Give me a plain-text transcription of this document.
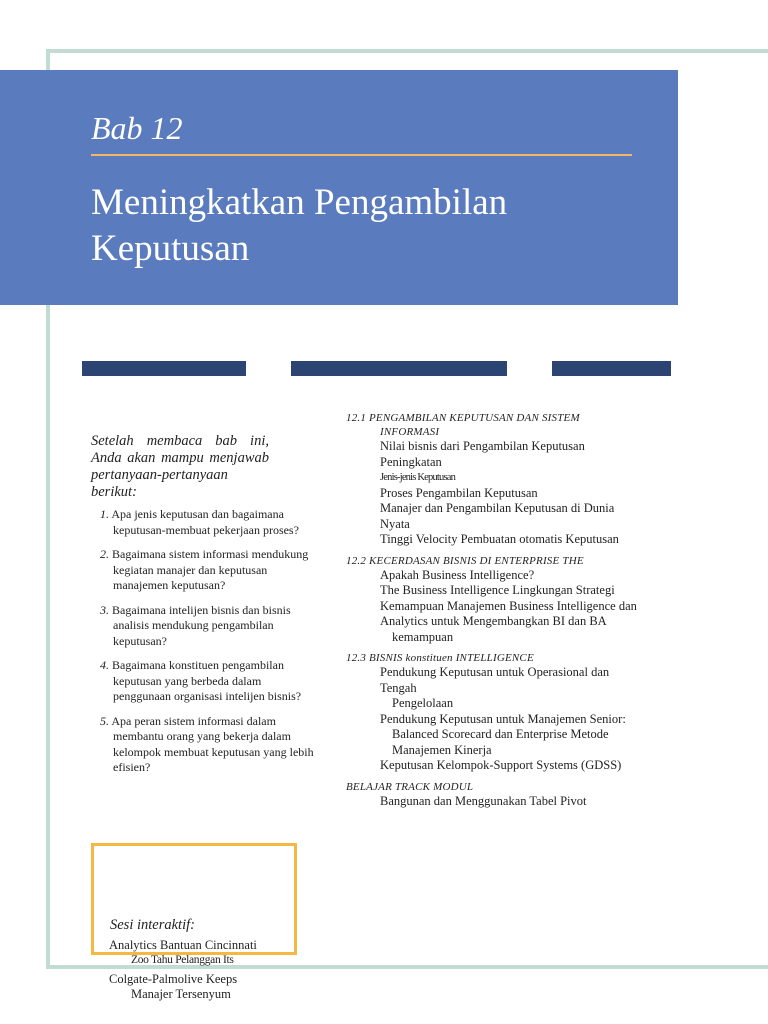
Bab 12

Meningkatkan Pengambilan
Keputusan

Setelah membaca bab ini, Anda akan mampu menjawab pertanyaan-pertanyaan berikut:

1. Apa jenis keputusan dan bagaimana keputusan-membuat pekerjaan proses?
2. Bagaimana sistem informasi mendukung kegiatan manajer dan keputusan manajemen keputusan?
3. Bagaimana intelijen bisnis dan bisnis analisis mendukung pengambilan keputusan?
4. Bagaimana konstituen pengambilan keputusan yang berbeda dalam penggunaan organisasi intelijen bisnis?
5. Apa peran sistem informasi dalam membantu orang yang bekerja dalam kelompok membuat keputusan yang lebih efisien?
12.1 PENGAMBILAN KEPUTUSAN DAN SISTEM
INFORMASI
Nilai bisnis dari Pengambilan Keputusan
Peningkatan
Jenis-jenis Keputusan
Proses Pengambilan Keputusan
Manajer dan Pengambilan Keputusan di Dunia
Nyata
Tinggi Velocity Pembuatan otomatis Keputusan
12.2 KECERDASAN BISNIS DI ENTERPRISE THE
Apakah Business Intelligence?
The Business Intelligence Lingkungan Strategi
Kemampuan Manajemen Business Intelligence dan
Analytics untuk Mengembangkan BI dan BA
kemampuan
12.3 BISNIS konstituen INTELLIGENCE
Pendukung Keputusan untuk Operasional dan
Tengah
Pengelolaan
Pendukung Keputusan untuk Manajemen Senior:
Balanced Scorecard dan Enterprise Metode
Manajemen Kinerja
Keputusan Kelompok-Support Systems (GDSS)
BELAJAR TRACK MODUL
Bangunan dan Menggunakan Tabel Pivot

Sesi interaktif:

Analytics Bantuan Cincinnati
Zoo Tahu Pelanggan Its
Colgate-Palmolive Keeps
Manajer Tersenyum
